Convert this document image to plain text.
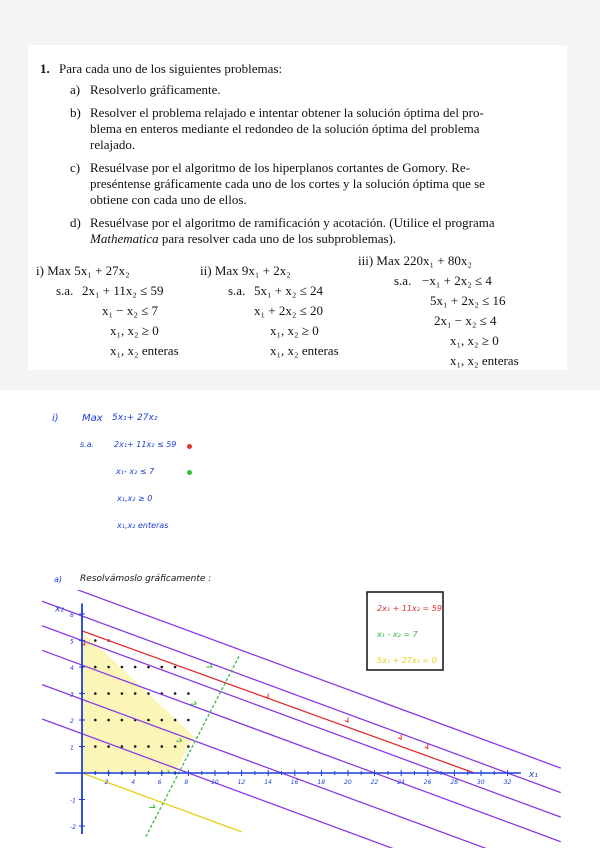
1. Para cada uno de los siguientes problemas:
a) Resolverlo gráficamente.
b) Resolver el problema relajado e intentar obtener la solución óptima del pro-
blema en enteros mediante el redondeo de la solución óptima del problema
relajado.
c) Resuélvase por el algoritmo de los hiperplanos cortantes de Gomory. Re-
preséntense gráficamente cada uno de los cortes y la solución óptima que se
obtiene con cada uno de ellos.
d) Resuélvase por el algoritmo de ramificación y acotación. (Utilice el programa
Mathematica para resolver cada uno de los subproblemas).
i) Max 5x₁ + 27x₂
s.a. 2x₁ + 11x₂ ≤ 59
x₁ − x₂ ≤ 7
x₁, x₂ ≥ 0
x₁, x₂ enteras
ii) Max 9x₁ + 2x₂
s.a. 5x₁ + x₂ ≤ 24
x₁ + 2x₂ ≤ 20
x₁, x₂ ≥ 0
x₁, x₂ enteras
iii) Max 220x₁ + 80x₂
s.a. −x₁ + 2x₂ ≤ 4
5x₁ + 2x₂ ≤ 16
2x₁ − x₂ ≤ 4
x₁, x₂ ≥ 0
x₁, x₂ enteras
i) Max 5x₁+ 27x₂
s.a. 2x₁+ 11x₂ ≤ 59
x₁- x₂ ≤ 7
x₁,x₂ ≥ 0
x₁,x₂ enteras
a) Resolvámoslo gráficamente :
x₁
x₂
2	4	6	8	10	12	14	16	18	20	22	24	26	28	30	32
-2
-1
1
2
3
4
5
6
2x₁ + 11x₂ = 59
x₁ - x₂ = 7
5x₁ + 27x₂ = 0
